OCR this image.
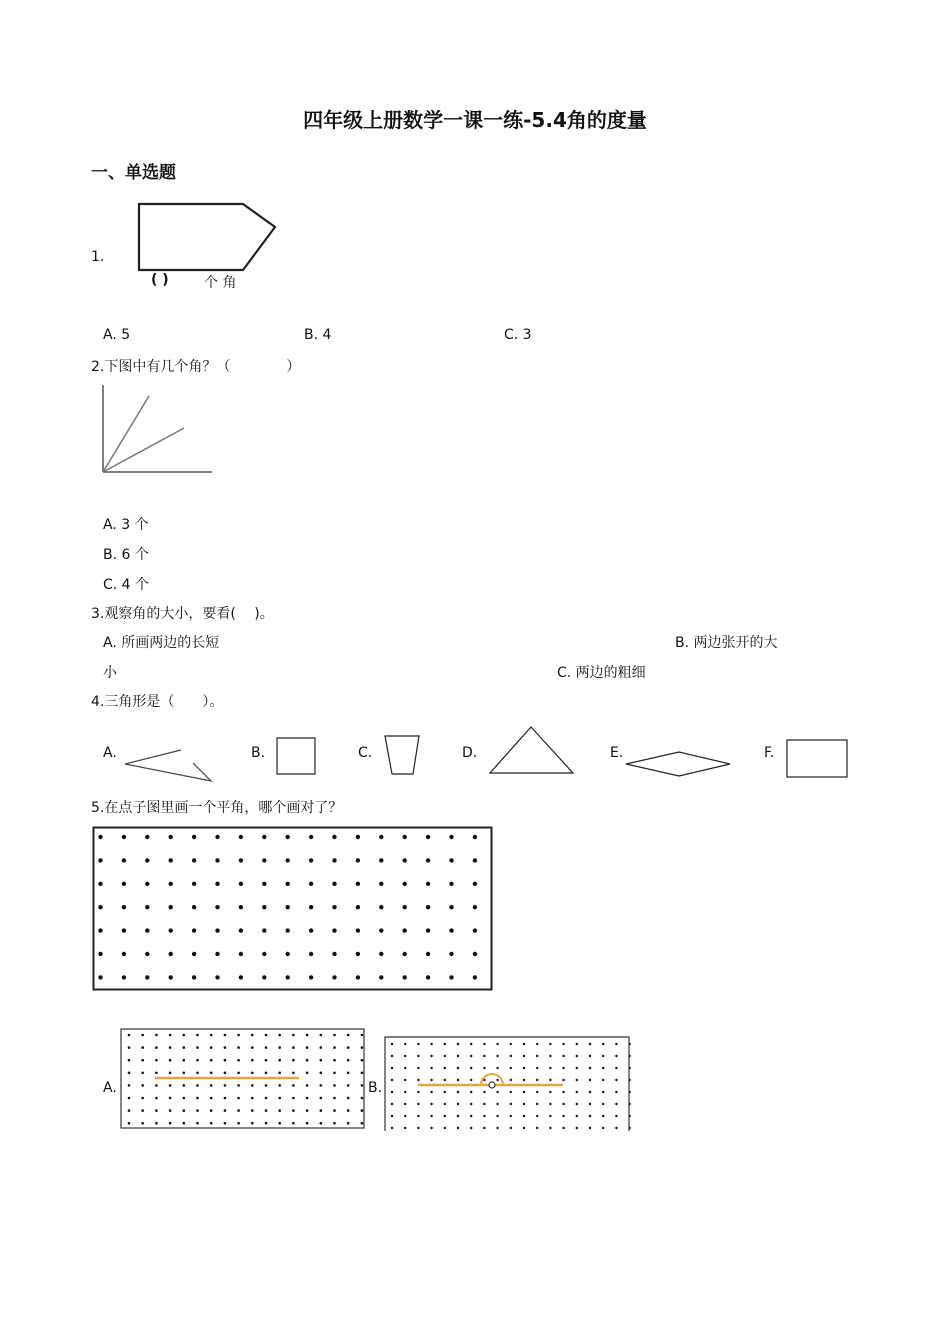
四年级上册数学一课一练-5.4角的度量
一、单选题
1.
( )	个 角
A. 5	B. 4	C. 3
2.下图中有几个角？（　　　　）
A. 3 个
B. 6 个
C. 4 个
3.观察角的大小，要看(　 )。
A. 所画两边的长短	B. 两边张开的大
小	C. 两边的粗细
4.三角形是（　　）。
A.	B.	C.	D.	E.	F.
5.在点子图里画一个平角，哪个画对了？
A.	B.
